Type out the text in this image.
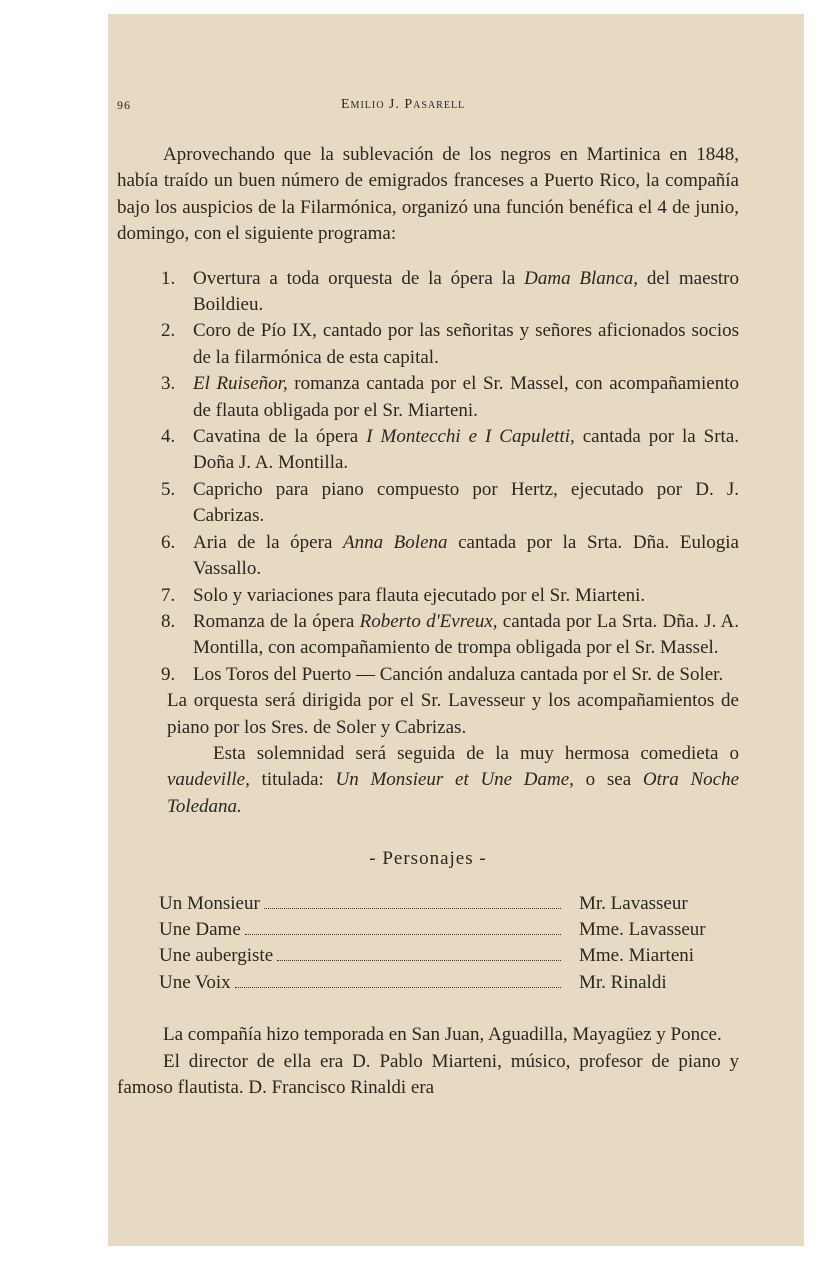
96	Emilio J. Pasarell

Aprovechando que la sublevación de los negros en Martinica en 1848, había traído un buen número de emigrados franceses a Puerto Rico, la compañía bajo los auspicios de la Filarmónica, organizó una función benéfica el 4 de junio, domingo, con el siguiente programa:

1. Overtura a toda orquesta de la ópera la Dama Blanca, del maestro Boildieu.
2. Coro de Pío IX, cantado por las señoritas y señores aficionados socios de la filarmónica de esta capital.
3. El Ruiseñor, romanza cantada por el Sr. Massel, con acompañamiento de flauta obligada por el Sr. Miarteni.
4. Cavatina de la ópera I Montecchi e I Capuletti, cantada por la Srta. Doña J. A. Montilla.
5. Capricho para piano compuesto por Hertz, ejecutado por D. J. Cabrizas.
6. Aria de la ópera Anna Bolena cantada por la Srta. Dña. Eulogia Vassallo.
7. Solo y variaciones para flauta ejecutado por el Sr. Miarteni.
8. Romanza de la ópera Roberto d'Evreux, cantada por La Srta. Dña. J. A. Montilla, con acompañamiento de trompa obligada por el Sr. Massel.
9. Los Toros del Puerto — Canción andaluza cantada por el Sr. de Soler.

La orquesta será dirigida por el Sr. Lavesseur y los acompañamientos de piano por los Sres. de Soler y Cabrizas.

Esta solemnidad será seguida de la muy hermosa comedieta o vaudeville, titulada: Un Monsieur et Une Dame, o sea Otra Noche Toledana.

- Personajes -
Un Monsieur	Mr. Lavasseur
Une Dame	Mme. Lavasseur
Une aubergiste	Mme. Miarteni
Une Voix	Mr. Rinaldi

La compañía hizo temporada en San Juan, Aguadilla, Mayagüez y Ponce.

El director de ella era D. Pablo Miarteni, músico, profesor de piano y famoso flautista. D. Francisco Rinaldi era
